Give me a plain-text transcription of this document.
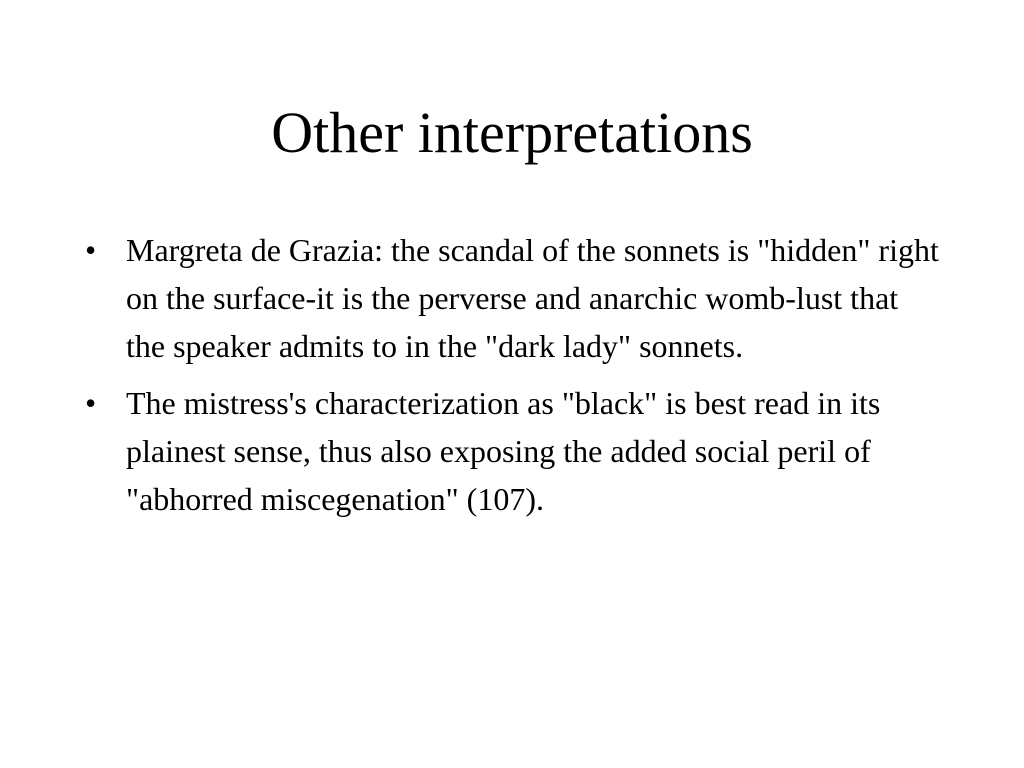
Other interpretations
• Margreta de Grazia: the scandal of the sonnets is "hidden" right on the surface-it is the perverse and anarchic womb-lust that the speaker admits to in the "dark lady" sonnets.
• The mistress's characterization as "black" is best read in its plainest sense, thus also exposing the added social peril of "abhorred miscegenation" (107).
